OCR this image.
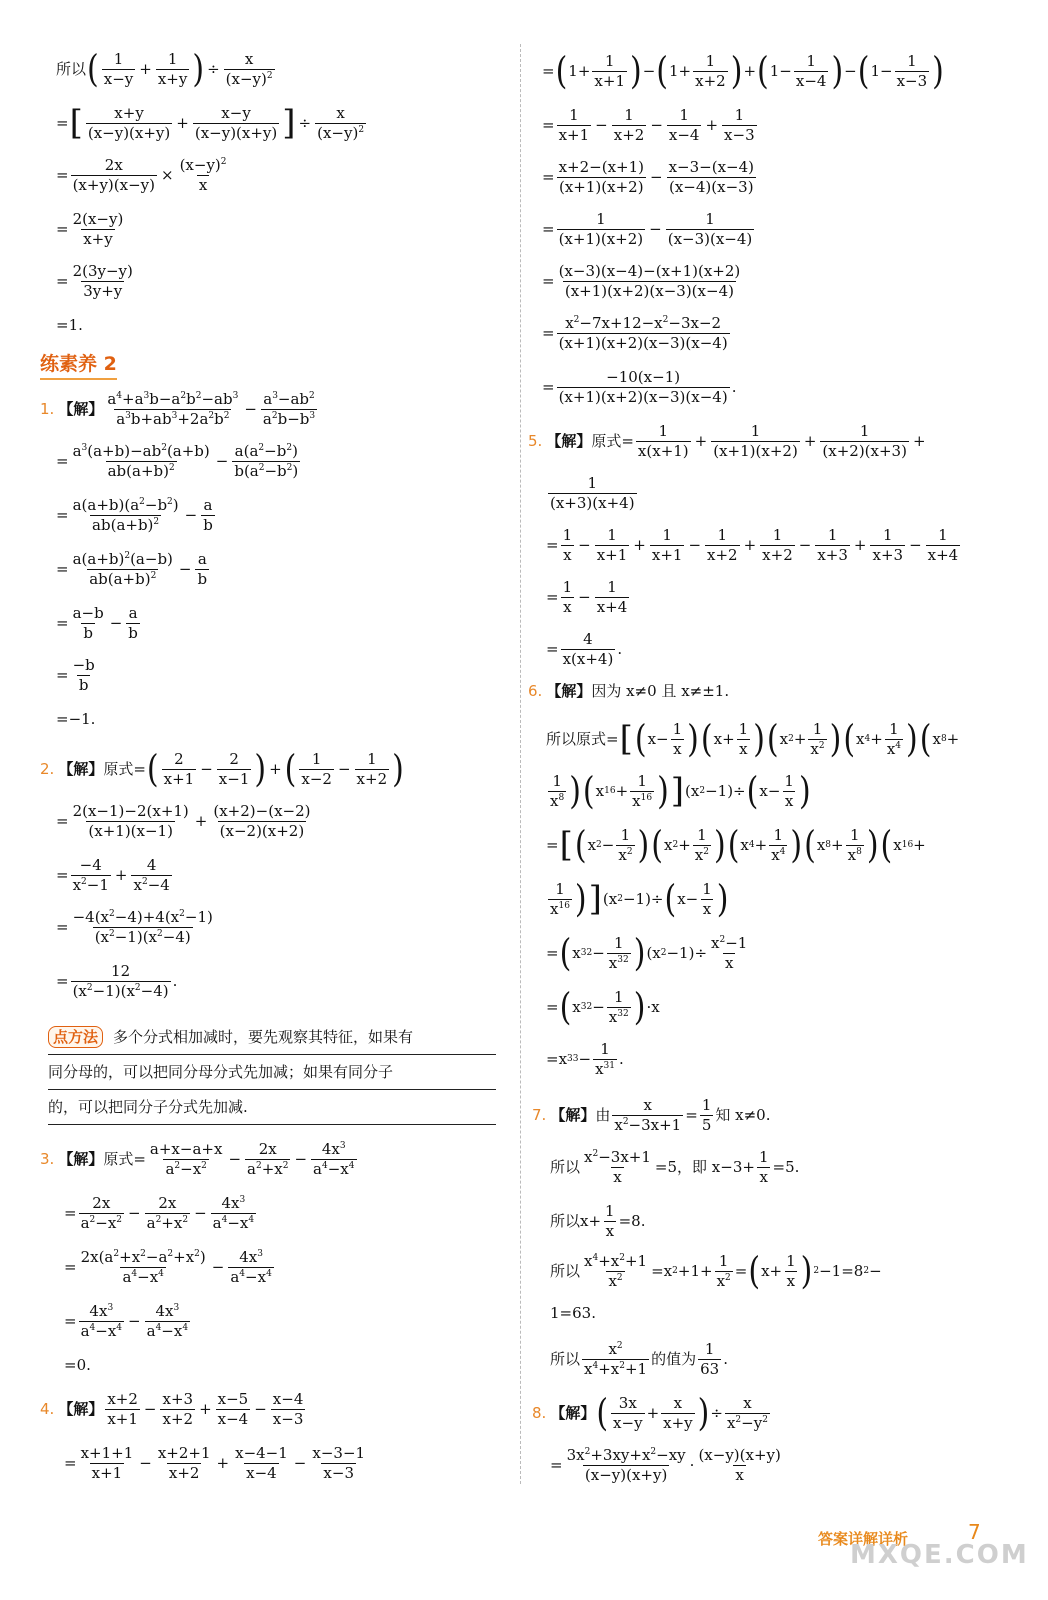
所以 ( 1
x−y
+ $\frac{1}{x+y}$ ) ÷ $\frac{x}{(x-y)^2}$
= [ x+y
(x−y)(x+y)
+ $\frac{x-y}{(x-y)(x+y)}$ ] ÷ $\frac{x}{(x-y)^2}$
= $\frac{2x}{(x+y)(x-y)} \times \frac{(x-y)^2}{x}$
=
2(x−y)
x+y
=
2(3y−y)
3y+y
=1.
练素养 2
1. 【解】
$a^4+a^3b-a^2b^2-ab^3$
$a^3b+ab^3+2a^2b^2 - \frac{a^3-ab^2}{a^2b-b^3}$
=
$a^3(a+b)-ab^2(a+b)$
$ab(a+b)^2$	− $\frac{a(a^2-b^2)}{b(a^2-b^2)}$
=
$a(a+b)(a^2-b^2)$
$ab(a+b)^2 - \frac{a}{b}$
=
$a(a+b)^2(a-b)$
$ab(a+b)^2 - \frac{a}{b}$
=
a−b
b
− $\frac{a}{b}$
=
−b
b
=−1.
2. 【解】 原式 = ( 2
x+1
− $\frac{2}{x-1}$ ) + ( 1
x−2
− $\frac{1}{x+2}$ )
=
2(x−1)−2(x+1)
(x+1)(x−1)
+ $\frac{(x+2)-(x-2)}{(x-2)(x+2)}$
=
−4
$x^2-1$
+ $\frac{4}{x^2-4}$
=
$-4(x^2-4)+4(x^2-1)$
$(x^2-1)(x^2-4)$
=
12
$(x^2-1)(x^2-4)$
.
点方法 多个分式相加减时，要先观察其特征，如果有
同分母的，可以把同分母分式先加减；如果有同分子
的，可以把同分子分式先加减.
3. 【解】 原式 =
a+x−a+x
$a^2-x^2 - \frac{2x}{a^2+x^2} - \frac{4x^3}{a^4-x^4}$
=
2x
$a^2-x^2 - \frac{2x}{a^2+x^2} - \frac{4x^3}{a^4-x^4}$
=
$2x(a^2+x^2-a^2+x^2)$
$a^4-x^4$	− $\frac{4x^3}{a^4-x^4}$
=
$4x^3$
$a^4-x^4 - \frac{4x^3}{a^4-x^4}$
=0.
4. 【解】
x+2
x+1
− $\frac{x+3}{x+2} + \frac{x-5}{x-4} - \frac{x-4}{x-3}$
=
x+1+1
x+1
− $\frac{x+2+1}{x+2} + \frac{x-4-1}{x-4} - \frac{x-3-1}{x-3}$
= ( 1+
1
x+1 ) − ( 1+
1
x+2 ) + ( 1−
1
x−4 ) − ( 1−
1
x−3 )
=
1
x+1
− $\frac{1}{x+2} - \frac{1}{x-4} + \frac{1}{x-3}$
=
x+2−(x+1)
(x+1)(x+2)
− $\frac{x-3-(x-4)}{(x-4)(x-3)}$
=
1
(x+1)(x+2)
− $\frac{1}{(x-3)(x-4)}$
=
(x−3)(x−4)−(x+1)(x+2)
(x+1)(x+2)(x−3)(x−4)
=
$x^2-7x+12-x^2-3x-2$
(x+1)(x+2)(x−3)(x−4)
=
−10(x−1)
(x+1)(x+2)(x−3)(x−4)
.
5. 【解】 原式 =
1
x(x+1)
+ $\frac{1}{(x+1)(x+2)} + \frac{1}{(x+2)(x+3)}$ +
1
(x+3)(x+4)
=
1
x
− $\frac{1}{x+1} + \frac{1}{x+1} - \frac{1}{x+2} + \frac{1}{x+2} - \frac{1}{x+3} + \frac{1}{x+3} - \frac{1}{x+4}$
=
1
x
− $\frac{1}{x+4}$
=
4
x(x+4)
.
6. 【解】 因为 x≠0 且 x≠±1.
所以 原式 = [ ( x−
1
x ) ( x+
1
x ) ( x 2 +
1
$x^2$ ) ( x 4 +
1
$x^4$ ) ( x 8 +
1
$x^8$ ) ( x 16 +
1
$x^{16}$ ) ] (x 2 −1)÷ ( x−
1
x )
= [ ( x 2 −
1
$x^2$ ) ( x 2 +
1
$x^2$ ) ( x 4 +
1
$x^4$ ) ( x 8 +
1
$x^8$ ) ( x 16 +
1
$x^{16}$ ) ] (x 2 −1)÷ ( x−
1
x )
= ( x 32 −
1
$x^{32}$ ) (x 2 −1)÷
$x^2-1$
x
= ( x 32 −
1
$x^{32}$ ) ·x
=x 33 −
1
$x^{31}$ .
7. 【解】 由
x
$x^2-3x+1$
=
1
5
知 x≠0.
所以
$x^2-3x+1$
x
=5 ，即 $x-3+ \frac{1}{x} =5$.
所以 x+
1
x
=8.
所以
$x^4+x^2+1$
$x^2 =x$ 2 +1+
1
$x^2$ = ( x+
1
x ) 2 −1=8 2 −
1=63.
所以
$x^2$
$x^4+x^2+1$
的值为
1
63
.
8. 【解】 ( 3x
x−y
+
x
x+y ) ÷
x
$x^2-y^2$
=
$3x^2+3xy+x^2-xy$
(x−y)(x+y)
·
(x−y)(x+y)
x
答案详解详析	7
MXQE.COM
